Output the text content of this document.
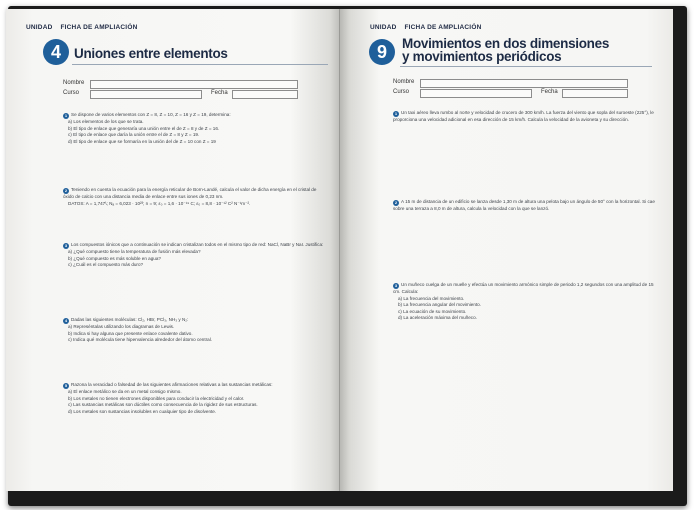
UNIDAD FICHA DE AMPLIACIÓN
4 Uniones entre elementos
Nombre
Curso	Fecha
1 Se dispone de varios elementos con Z = 8, Z = 10, Z = 16 y Z = 19, determina:
a) Los elementos de los que se trata.
b) El tipo de enlace que generaría una unión entre el de Z = 8 y de Z = 16.
c) El tipo de enlace que daría la unión entre el de Z = 8 y Z = 19.
d) El tipo de enlace que se formaría en la unión del de Z = 10 con Z = 19
2 Teniendo en cuenta la ecuación para la energía reticular de Born-Landé, calcula el valor de dicha energía en el cristal de óxido de calcio con una distancia media de enlace entre sus iones de 0,23 nm.
DATOS: A = 1,747\; Nₐ = 6,023 · 10²³; n = 9; ε₀ = 1,6 · 10⁻¹⁹ C; ε₀ = 8,8 · 10⁻¹² C² N⁻¹m⁻².
3 Los compuestos iónicos que a continuación se indican cristalizan todos en el mismo tipo de red: NaCl, NaBr y NaI. Justifica:
a) ¿Qué compuesto tiene la temperatura de fusión más elevada?
b) ¿Qué compuesto es más soluble en agua?
c) ¿Cuál es el compuesto más duro?
4 Dadas las siguientes moléculas: Cl₂, HBr, PCl₃, NH₃ y N₂:
a) Represéntalas utilizando los diagramas de Lewis.
b) Indica si hay alguna que presente enlace covalente dativo.
c) Indica qué molécula tiene hipervalencia alrededor del átomo central.
5 Razona la veracidad o falsedad de las siguientes afirmaciones relativas a las sustancias metálicas:
a) El enlace metálico se da en un metal consigo mismo.
b) Los metales no tienen electrones disponibles para conducir la electricidad y el calor.
c) Las sustancias metálicas son dúctiles como consecuencia de la rigidez de sus estructuras.
d) Los metales son sustancias insolubles en cualquier tipo de disolvente.
UNIDAD FICHA DE AMPLIACIÓN
9	Movimientos en dos dimensiones
y movimientos periódicos
Nombre
Curso	Fecha
1 Un taxi aéreo lleva rumbo al norte y velocidad de crucero de 300 km/h. La fuerza del viento que sopla del suroeste (225°), le proporciona una velocidad adicional en esa dirección de 15 km/h. Calcula la velocidad de la avioneta y su dirección.
2 A 15 m de distancia de un edificio se lanza desde 1,30 m de altura una pelota bajo un ángulo de 50° con la horizontal. Si cae sobre una terraza a 8,0 m de altura, calcula la velocidad con la que se lanzó.
3 Un muñeco cuelga de un muelle y efectúa un movimiento armónico simple de periodo 1,2 segundos con una amplitud de 15 cm. Calcula:
a) La frecuencia del movimiento.
b) La frecuencia angular del movimiento.
c) La ecuación de su movimiento.
d) La aceleración máxima del muñeco.
